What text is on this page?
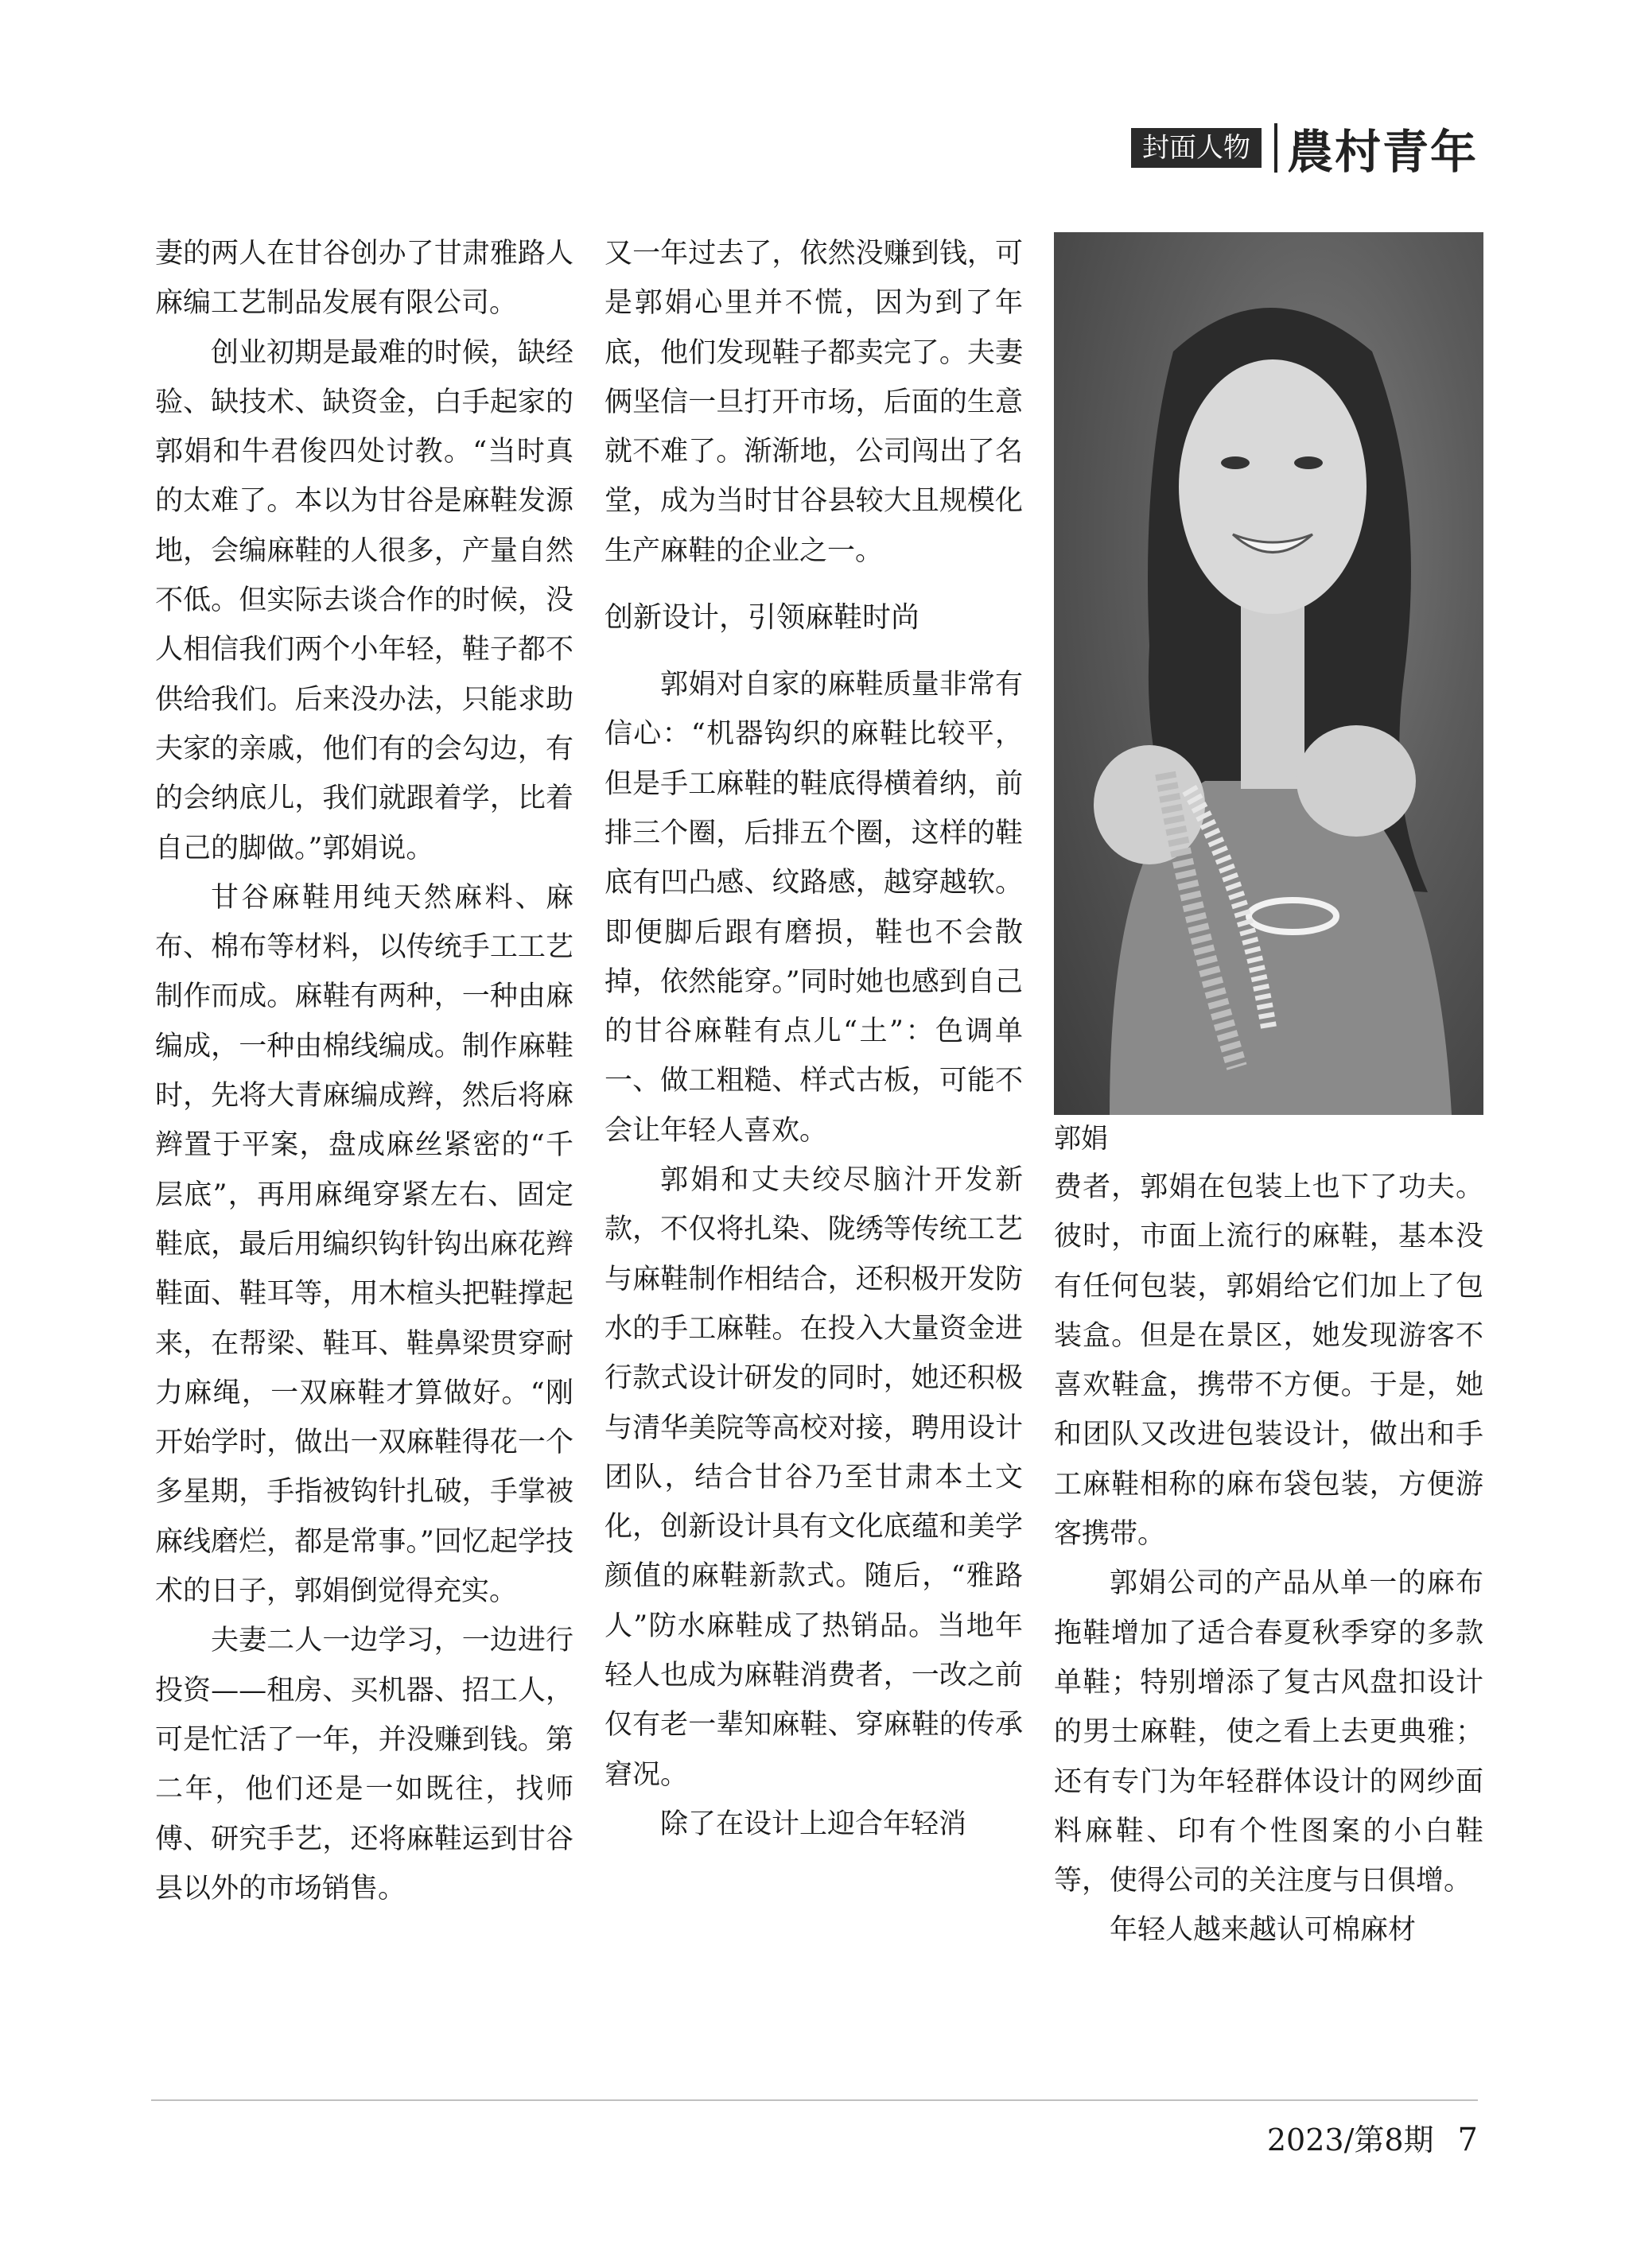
封面人物 農村青年

妻的两人在甘谷创办了甘肃雅路人麻编工艺制品发展有限公司。

创业初期是最难的时候，缺经验、缺技术、缺资金，白手起家的郭娟和牛君俊四处讨教。“当时真的太难了。本以为甘谷是麻鞋发源地，会编麻鞋的人很多，产量自然不低。但实际去谈合作的时候，没人相信我们两个小年轻，鞋子都不供给我们。后来没办法，只能求助夫家的亲戚，他们有的会勾边，有的会纳底儿，我们就跟着学，比着自己的脚做。”郭娟说。

甘谷麻鞋用纯天然麻料、麻布、棉布等材料，以传统手工工艺制作而成。麻鞋有两种，一种由麻编成，一种由棉线编成。制作麻鞋时，先将大青麻编成辫，然后将麻辫置于平案，盘成麻丝紧密的“千层底”，再用麻绳穿紧左右、固定鞋底，最后用编织钩针钩出麻花辫鞋面、鞋耳等，用木楦头把鞋撑起来，在帮梁、鞋耳、鞋鼻梁贯穿耐力麻绳，一双麻鞋才算做好。“刚开始学时，做出一双麻鞋得花一个多星期，手指被钩针扎破，手掌被麻线磨烂，都是常事。”回忆起学技术的日子，郭娟倒觉得充实。

夫妻二人一边学习，一边进行投资——租房、买机器、招工人，可是忙活了一年，并没赚到钱。第二年，他们还是一如既往，找师傅、研究手艺，还将麻鞋运到甘谷县以外的市场销售。

又一年过去了，依然没赚到钱，可是郭娟心里并不慌，因为到了年底，他们发现鞋子都卖完了。夫妻俩坚信一旦打开市场，后面的生意就不难了。渐渐地，公司闯出了名堂，成为当时甘谷县较大且规模化生产麻鞋的企业之一。

创新设计，引领麻鞋时尚

郭娟对自家的麻鞋质量非常有信心：“机器钩织的麻鞋比较平，但是手工麻鞋的鞋底得横着纳，前排三个圈，后排五个圈，这样的鞋底有凹凸感、纹路感，越穿越软。即便脚后跟有磨损，鞋也不会散掉，依然能穿。”同时她也感到自己的甘谷麻鞋有点儿“土”：色调单一、做工粗糙、样式古板，可能不会让年轻人喜欢。

郭娟和丈夫绞尽脑汁开发新款，不仅将扎染、陇绣等传统工艺与麻鞋制作相结合，还积极开发防水的手工麻鞋。在投入大量资金进行款式设计研发的同时，她还积极与清华美院等高校对接，聘用设计团队，结合甘谷乃至甘肃本土文化，创新设计具有文化底蕴和美学颜值的麻鞋新款式。随后，“雅路人”防水麻鞋成了热销品。当地年轻人也成为麻鞋消费者，一改之前仅有老一辈知麻鞋、穿麻鞋的传承窘况。

除了在设计上迎合年轻消

郭娟

费者，郭娟在包装上也下了功夫。彼时，市面上流行的麻鞋，基本没有任何包装，郭娟给它们加上了包装盒。但是在景区，她发现游客不喜欢鞋盒，携带不方便。于是，她和团队又改进包装设计，做出和手工麻鞋相称的麻布袋包装，方便游客携带。

郭娟公司的产品从单一的麻布拖鞋增加了适合春夏秋季穿的多款单鞋；特别增添了复古风盘扣设计的男士麻鞋，使之看上去更典雅；还有专门为年轻群体设计的网纱面料麻鞋、印有个性图案的小白鞋等，使得公司的关注度与日俱增。

年轻人越来越认可棉麻材

2023/第8期 7
